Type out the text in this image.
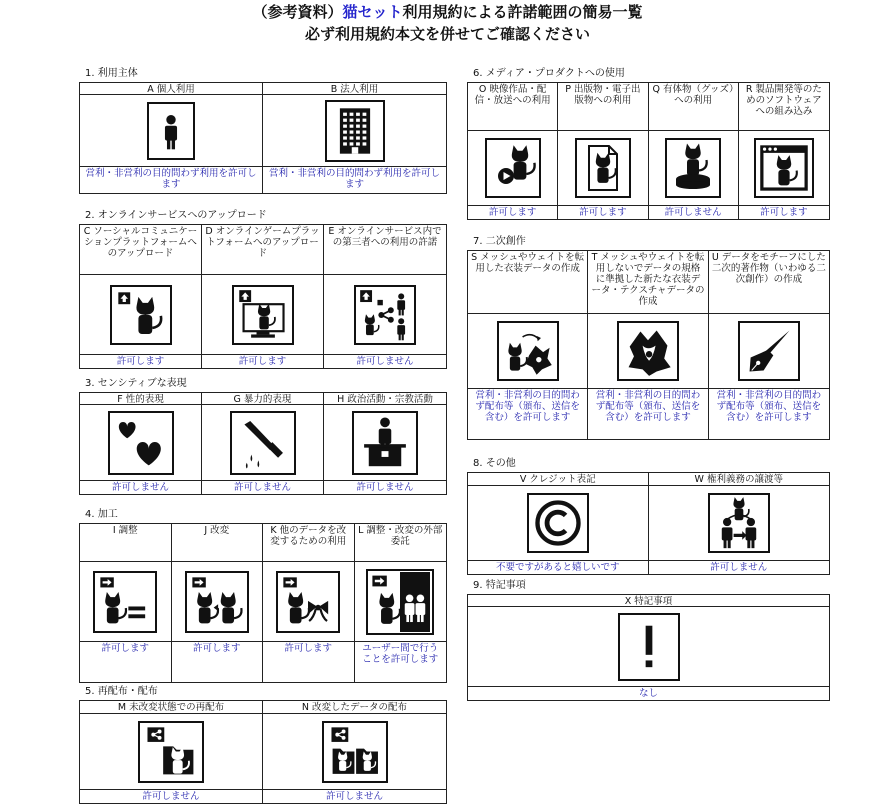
（参考資料）猫セット利用規約による許諾範囲の簡易一覧
必ず利用規約本文を併せてご確認ください
1. 利用主体
A 個人利用
営利・非営利の目的問わず利用を許可します
B 法人利用
営利・非営利の目的問わず利用を許可します
2. オンラインサービスへのアップロード
C ソーシャルコミュニケーションプラットフォームへのアップロード
許可します
D オンラインゲームプラットフォームへのアップロード
許可します
E オンラインサービス内での第三者への利用の許諾
許可しません
3. センシティブな表現
F 性的表現
許可しません
G 暴力的表現
許可しません
H 政治活動・宗教活動
許可しません
4. 加工
I 調整
許可します
J 改変
許可します
K 他のデータを改変するための利用
許可します
L 調整・改変の外部委託
ユーザー間で行うことを許可します
5. 再配布・配布
M 未改変状態での再配布
許可しません
N 改変したデータの配布
許可しません
6. メディア・プロダクトへの使用
O 映像作品・配信・放送への利用
許可します
P 出版物・電子出版物への利用
許可します
Q 有体物（グッズ）への利用
許可しません
R 製品開発等のためのソフトウェアへの組み込み
許可します
7. 二次創作
S メッシュやウェイトを転用した衣装データの作成
営利・非営利の目的問わず配布等（頒布、送信を含む）を許可します
T メッシュやウェイトを転用しないでデータの規格に準拠した新たな衣装データ・テクスチャデータの作成
営利・非営利の目的問わず配布等（頒布、送信を含む）を許可します
U データをモチーフにした二次的著作物（いわゆる二次創作）の作成
営利・非営利の目的問わず配布等（頒布、送信を含む）を許可します
8. その他
V クレジット表記
不要ですがあると嬉しいです
W 権利義務の譲渡等
許可しません
9. 特記事項
X 特記事項
なし
